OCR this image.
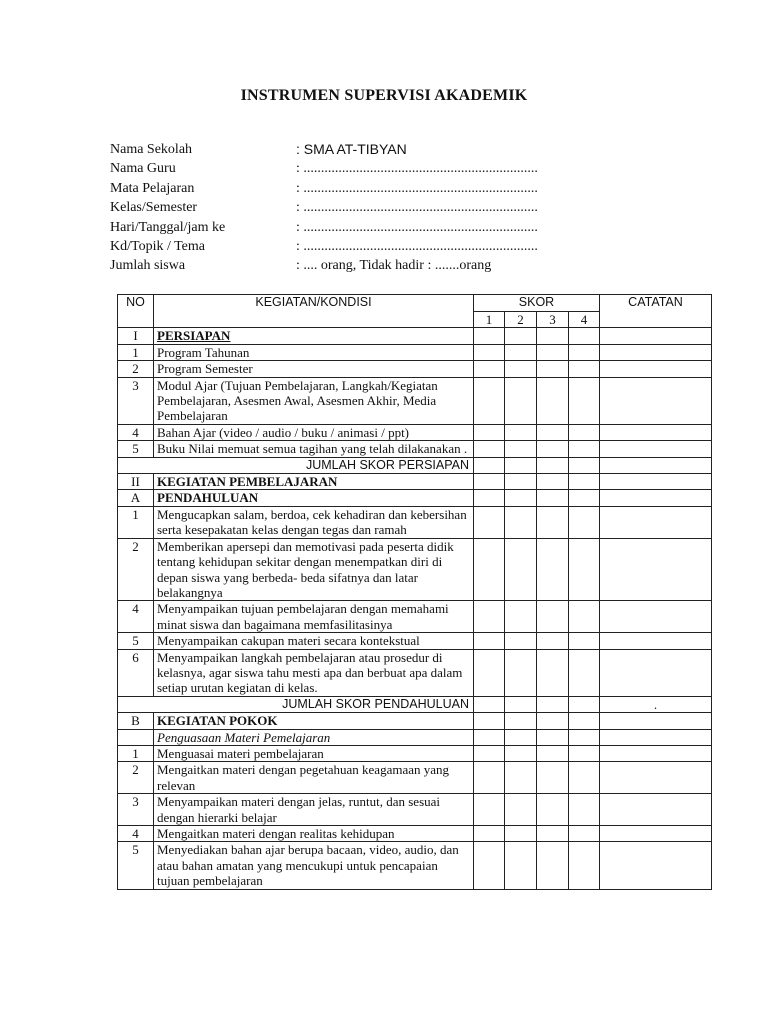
INSTRUMEN SUPERVISI AKADEMIK
Nama Sekolah	: SMA AT-TIBYAN
Nama Guru	: ...................................................................
Mata Pelajaran	: ...................................................................
Kelas/Semester	: ...................................................................
Hari/Tanggal/jam ke	: ...................................................................
Kd/Topik / Tema	: ...................................................................
Jumlah siswa	: .... orang, Tidak hadir : .......orang
NO	KEGIATAN/KONDISI	SKOR				CATATAN
		1	2	3	4	
I	PERSIAPAN					
1	Program Tahunan					
2	Program Semester					
3	Modul Ajar (Tujuan Pembelajaran, Langkah/Kegiatan Pembelajaran, Asesmen Awal, Asesmen Akhir, Media Pembelajaran					
4	Bahan Ajar (video / audio / buku / animasi / ppt)					
5	Buku Nilai memuat semua tagihan yang telah dilakanakan .					
JUMLAH SKOR PERSIAPAN						
II	KEGIATAN PEMBELAJARAN					
A	PENDAHULUAN					
1	Mengucapkan salam, berdoa, cek kehadiran dan kebersihan serta kesepakatan kelas dengan tegas dan ramah					
2	Memberikan apersepi dan memotivasi pada peserta didik tentang kehidupan sekitar dengan menempatkan diri di depan siswa yang berbeda- beda sifatnya dan latar belakangnya					
4	Menyampaikan tujuan pembelajaran dengan memahami minat siswa dan bagaimana memfasilitasinya					
5	Menyampaikan cakupan materi secara kontekstual					
6	Menyampaikan langkah pembelajaran atau prosedur di kelasnya, agar siswa tahu mesti apa dan berbuat apa dalam setiap urutan kegiatan di kelas.					
JUMLAH SKOR PENDAHULUAN						.
B	KEGIATAN POKOK					
	Penguasaan Materi Pemelajaran					
1	Menguasai materi pembelajaran					
2	Mengaitkan materi dengan pegetahuan keagamaan yang relevan					
3	Menyampaikan materi dengan jelas, runtut, dan sesuai dengan hierarki belajar					
4	Mengaitkan materi dengan realitas kehidupan					
5	Menyediakan bahan ajar berupa bacaan, video, audio, dan atau bahan amatan yang mencukupi untuk pencapaian tujuan pembelajaran					
